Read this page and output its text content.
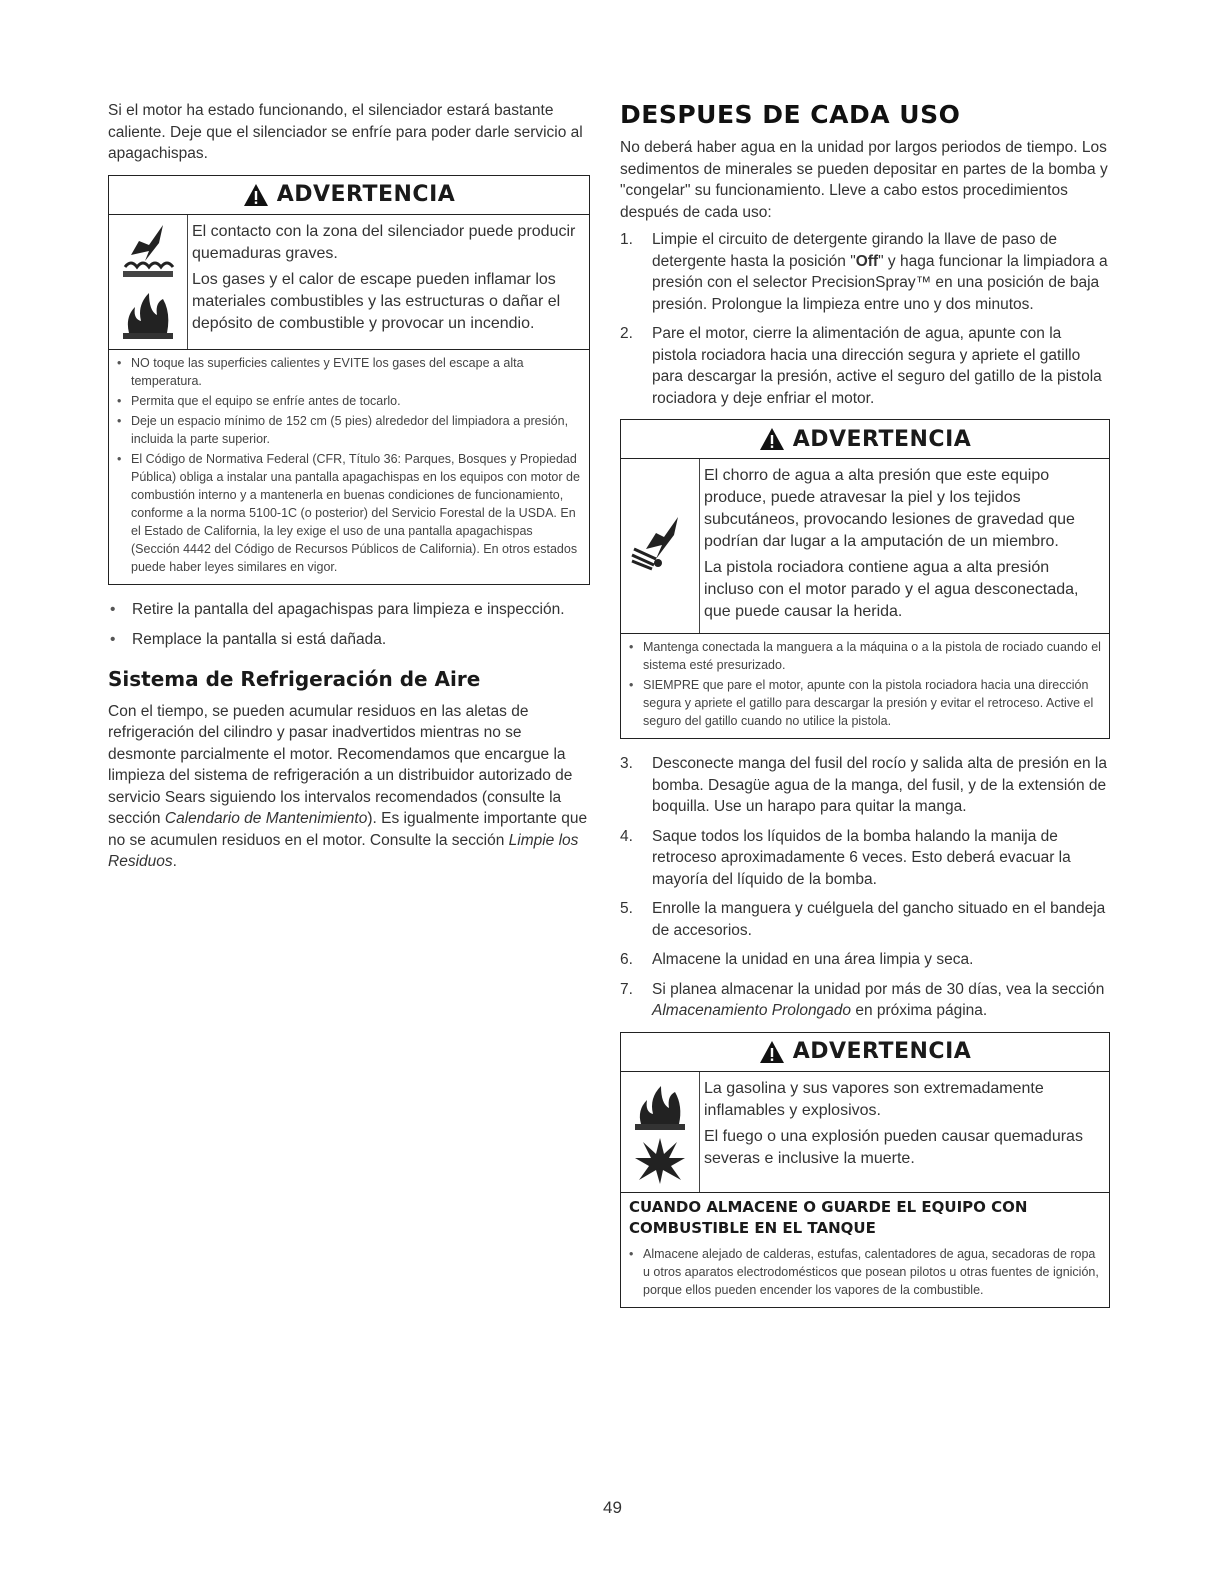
Si el motor ha estado funcionando, el silenciador estará bastante caliente. Deje que el silenciador se enfríe para poder darle servicio al apagachispas.

ADVERTENCIA

El contacto con la zona del silenciador puede producir quemaduras graves.

Los gases y el calor de escape pueden inflamar los materiales combustibles y las estructuras o dañar el depósito de combustible y provocar un incendio.

• NO toque las superficies calientes y EVITE los gases del escape a alta temperatura.
• Permita que el equipo se enfríe antes de tocarlo.
• Deje un espacio mínimo de 152 cm (5 pies) alrededor del limpiadora a presión, incluida la parte superior.
• El Código de Normativa Federal (CFR, Título 36: Parques, Bosques y Propiedad Pública) obliga a instalar una pantalla apagachispas en los equipos con motor de combustión interno y a mantenerla en buenas condiciones de funcionamiento, conforme a la norma 5100-1C (o posterior) del Servicio Forestal de la USDA. En el Estado de California, la ley exige el uso de una pantalla apagachispas (Sección 4442 del Código de Recursos Públicos de California). En otros estados puede haber leyes similares en vigor.
• Retire la pantalla del apagachispas para limpieza e inspección.
• Remplace la pantalla si está dañada.
Sistema de Refrigeración de Aire

Con el tiempo, se pueden acumular residuos en las aletas de refrigeración del cilindro y pasar inadvertidos mientras no se desmonte parcialmente el motor. Recomendamos que encargue la limpieza del sistema de refrigeración a un distribuidor autorizado de servicio Sears siguiendo los intervalos recomendados (consulte la sección Calendario de Mantenimiento). Es igualmente importante que no se acumulen residuos en el motor. Consulte la sección Limpie los Residuos.

DESPUES DE CADA USO

No deberá haber agua en la unidad por largos periodos de tiempo. Los sedimentos de minerales se pueden depositar en partes de la bomba y "congelar" su funcionamiento. Lleve a cabo estos procedimientos después de cada uso:

1.	Limpie el circuito de detergente girando la llave de paso de detergente hasta la posición "Off" y haga funcionar la limpiadora a presión con el selector PrecisionSpray™ en una posición de baja presión. Prolongue la limpieza entre uno y dos minutos.
2.	Pare el motor, cierre la alimentación de agua, apunte con la pistola rociadora hacia una dirección segura y apriete el gatillo para descargar la presión, active el seguro del gatillo de la pistola rociadora y deje enfriar el motor.
ADVERTENCIA

El chorro de agua a alta presión que este equipo produce, puede atravesar la piel y los tejidos subcutáneos, provocando lesiones de gravedad que podrían dar lugar a la amputación de un miembro.

La pistola rociadora contiene agua a alta presión incluso con el motor parado y el agua desconectada, que puede causar la herida.

• Mantenga conectada la manguera a la máquina o a la pistola de rociado cuando el sistema esté presurizado.
• SIEMPRE que pare el motor, apunte con la pistola rociadora hacia una dirección segura y apriete el gatillo para descargar la presión y evitar el retroceso. Active el seguro del gatillo cuando no utilice la pistola.
3.	Desconecte manga del fusil del rocío y salida alta de presión en la bomba. Desagüe agua de la manga, del fusil, y de la extensión de boquilla. Use un harapo para quitar la manga.
4.	Saque todos los líquidos de la bomba halando la manija de retroceso aproximadamente 6 veces. Esto deberá evacuar la mayoría del líquido de la bomba.
5.	Enrolle la manguera y cuélguela del gancho situado en el bandeja de accesorios.
6.	Almacene la unidad en una área limpia y seca.
7.	Si planea almacenar la unidad por más de 30 días, vea la sección Almacenamiento Prolongado en próxima página.
ADVERTENCIA

La gasolina y sus vapores son extremadamente inflamables y explosivos.

El fuego o una explosión pueden causar quemaduras severas e inclusive la muerte.

CUANDO ALMACENE O GUARDE EL EQUIPO CON COMBUSTIBLE EN EL TANQUE
• Almacene alejado de calderas, estufas, calentadores de agua, secadoras de ropa u otros aparatos electrodomésticos que posean pilotos u otras fuentes de ignición, porque ellos pueden encender los vapores de la combustible.
49
